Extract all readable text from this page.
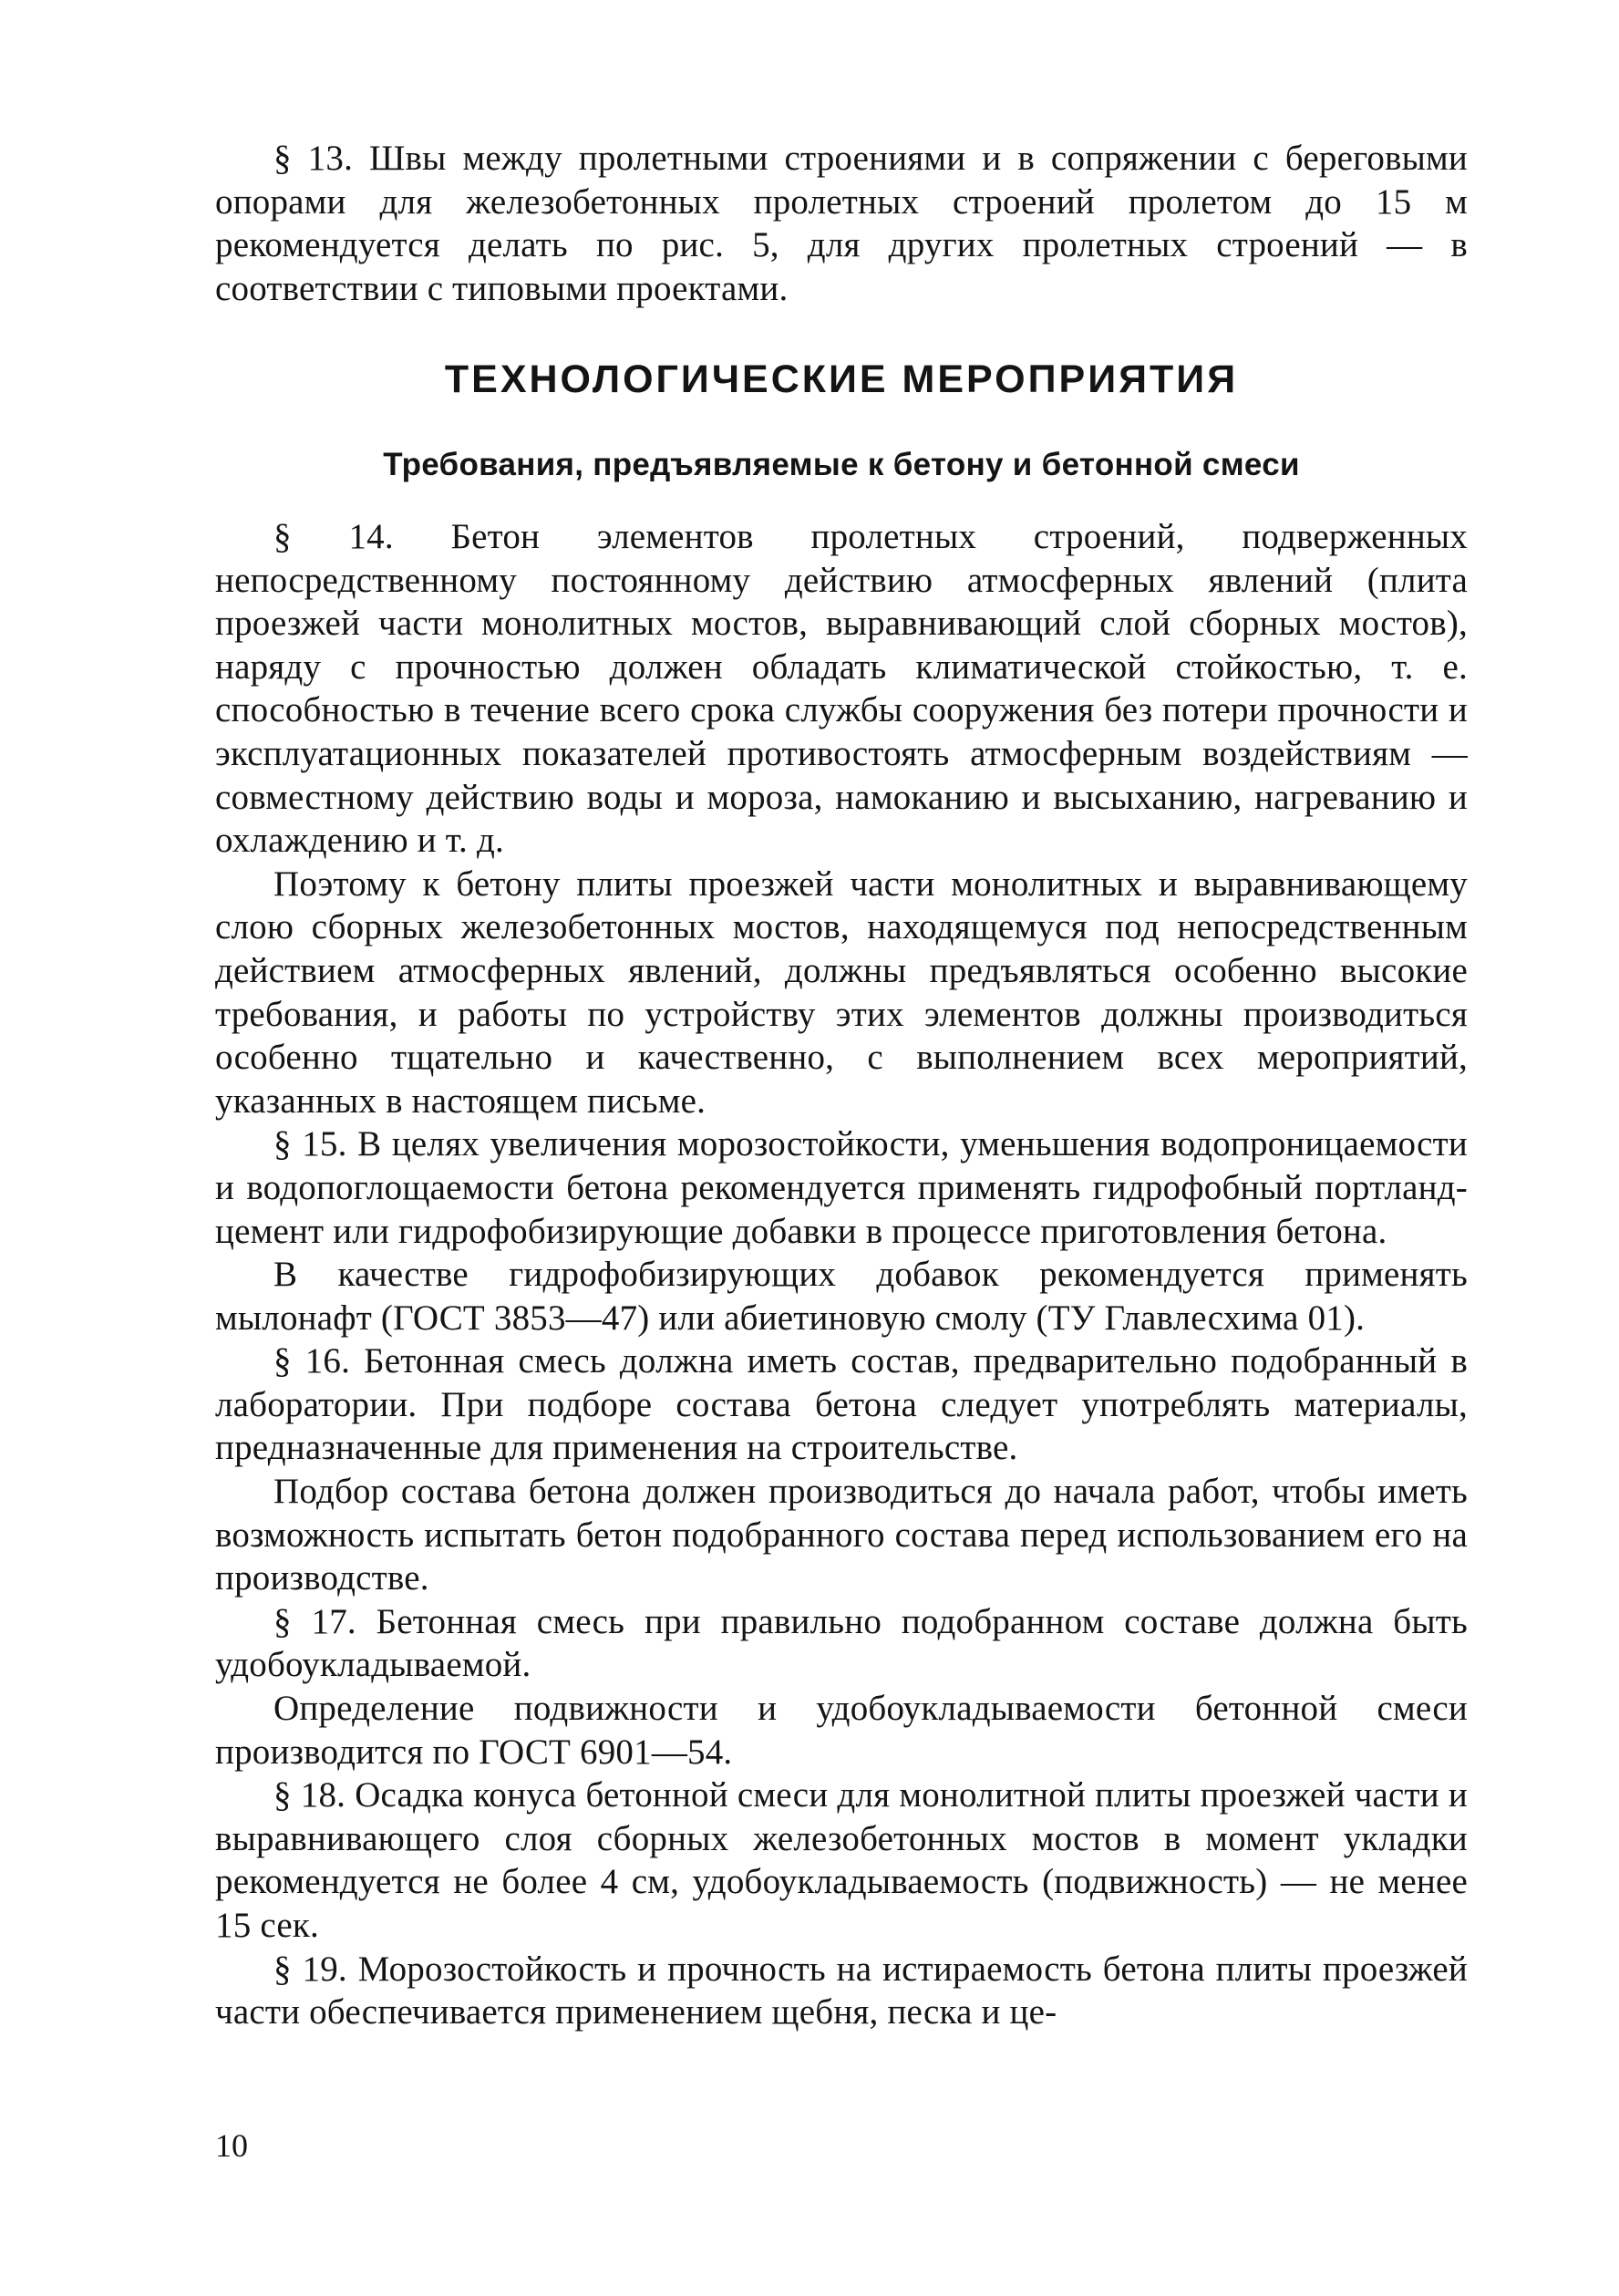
§ 13. Швы между пролетными строениями и в сопряжении с береговыми опорами для железобетонных пролетных строений пролетом до 15 м рекомендуется делать по рис. 5, для других пролетных строений — в соответствии с типовыми проектами.

ТЕХНОЛОГИЧЕСКИЕ МЕРОПРИЯТИЯ
Требования, предъявляемые к бетону и бетонной смеси

§ 14. Бетон элементов пролетных строений, подверженных непосредственному постоянному действию атмосферных явлений (плита проезжей части монолитных мостов, выравнивающий слой сборных мостов), наряду с прочностью должен обладать климатической стойкостью, т. е. способностью в течение всего срока службы сооружения без потери прочности и эксплуатационных показателей противостоять атмосферным воздействиям — совместному действию воды и мороза, намоканию и высыханию, нагреванию и охлаждению и т. д.

Поэтому к бетону плиты проезжей части монолитных и выравнивающему слою сборных железобетонных мостов, находящемуся под непосредственным действием атмосферных явлений, должны предъявляться особенно высокие требования, и работы по устройству этих элементов должны производиться особенно тщательно и качественно, с выполнением всех мероприятий, указанных в настоящем письме.

§ 15. В целях увеличения морозостойкости, уменьшения водопроницаемости и водопоглощаемости бетона рекомендуется применять гидрофобный портланд-цемент или гидрофобизирующие добавки в процессе приготовления бетона.

В качестве гидрофобизирующих добавок рекомендуется применять мылонафт (ГОСТ 3853—47) или абиетиновую смолу (ТУ Главлесхима 01).

§ 16. Бетонная смесь должна иметь состав, предварительно подобранный в лаборатории. При подборе состава бетона следует употреблять материалы, предназначенные для применения на строительстве.

Подбор состава бетона должен производиться до начала работ, чтобы иметь возможность испытать бетон подобранного состава перед использованием его на производстве.

§ 17. Бетонная смесь при правильно подобранном составе должна быть удобоукладываемой.

Определение подвижности и удобоукладываемости бетонной смеси производится по ГОСТ 6901—54.

§ 18. Осадка конуса бетонной смеси для монолитной плиты проезжей части и выравнивающего слоя сборных железобетонных мостов в момент укладки рекомендуется не более 4 см, удобоукладываемость (подвижность) — не менее 15 сек.

§ 19. Морозостойкость и прочность на истираемость бетона плиты проезжей части обеспечивается применением щебня, песка и це-

10
